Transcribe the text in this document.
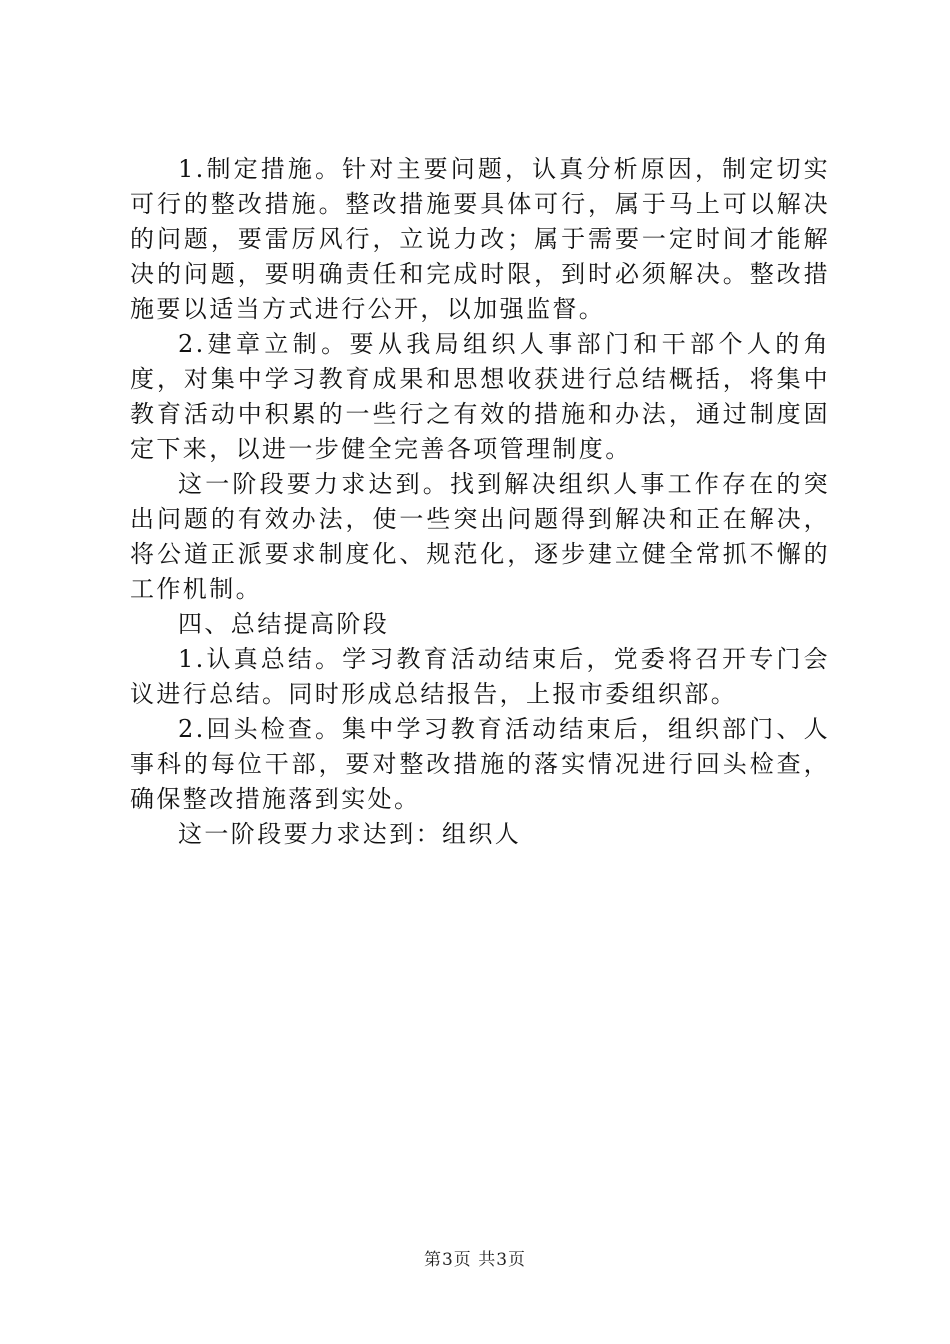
1.制定措施。针对主要问题，认真分析原因，制定切实可行的整改措施。整改措施要具体可行，属于马上可以解决的问题，要雷厉风行，立说力改；属于需要一定时间才能解决的问题，要明确责任和完成时限，到时必须解决。整改措施要以适当方式进行公开，以加强监督。

2.建章立制。要从我局组织人事部门和干部个人的角度，对集中学习教育成果和思想收获进行总结概括，将集中教育活动中积累的一些行之有效的措施和办法，通过制度固定下来，以进一步健全完善各项管理制度。

这一阶段要力求达到。找到解决组织人事工作存在的突出问题的有效办法，使一些突出问题得到解决和正在解决，将公道正派要求制度化、规范化，逐步建立健全常抓不懈的工作机制。

四、总结提高阶段

1.认真总结。学习教育活动结束后，党委将召开专门会议进行总结。同时形成总结报告，上报市委组织部。

2.回头检查。集中学习教育活动结束后，组织部门、人事科的每位干部，要对整改措施的落实情况进行回头检查，确保整改措施落到实处。

这一阶段要力求达到：组织人

第3页 共3页
